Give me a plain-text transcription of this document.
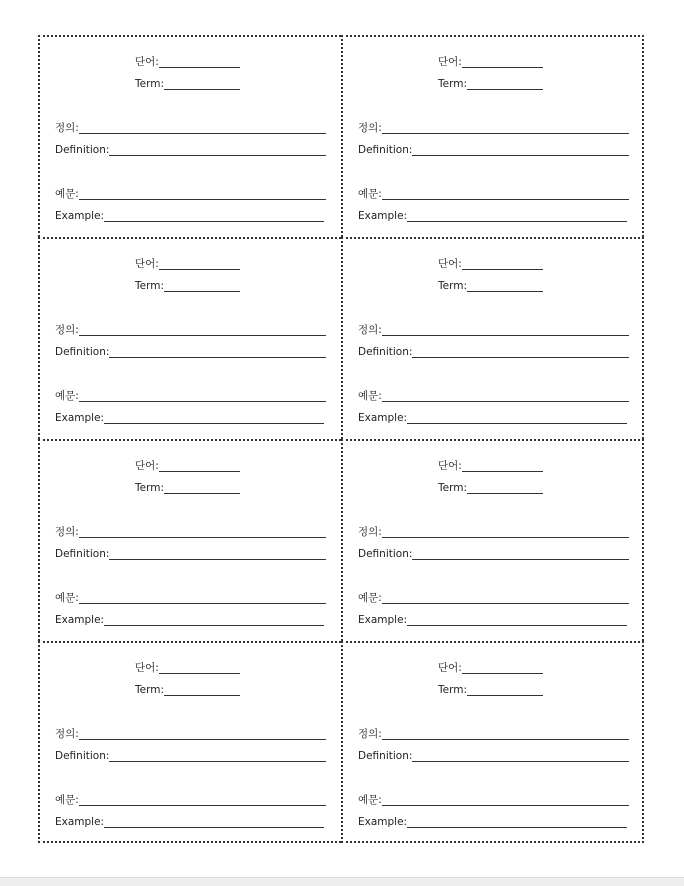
단어:
Term:
정의:
Definition:
예문:
Example:
단어:
Term:
정의:
Definition:
예문:
Example:
단어:
Term:
정의:
Definition:
예문:
Example:
단어:
Term:
정의:
Definition:
예문:
Example:
단어:
Term:
정의:
Definition:
예문:
Example:
단어:
Term:
정의:
Definition:
예문:
Example:
단어:
Term:
정의:
Definition:
예문:
Example:
단어:
Term:
정의:
Definition:
예문:
Example:
